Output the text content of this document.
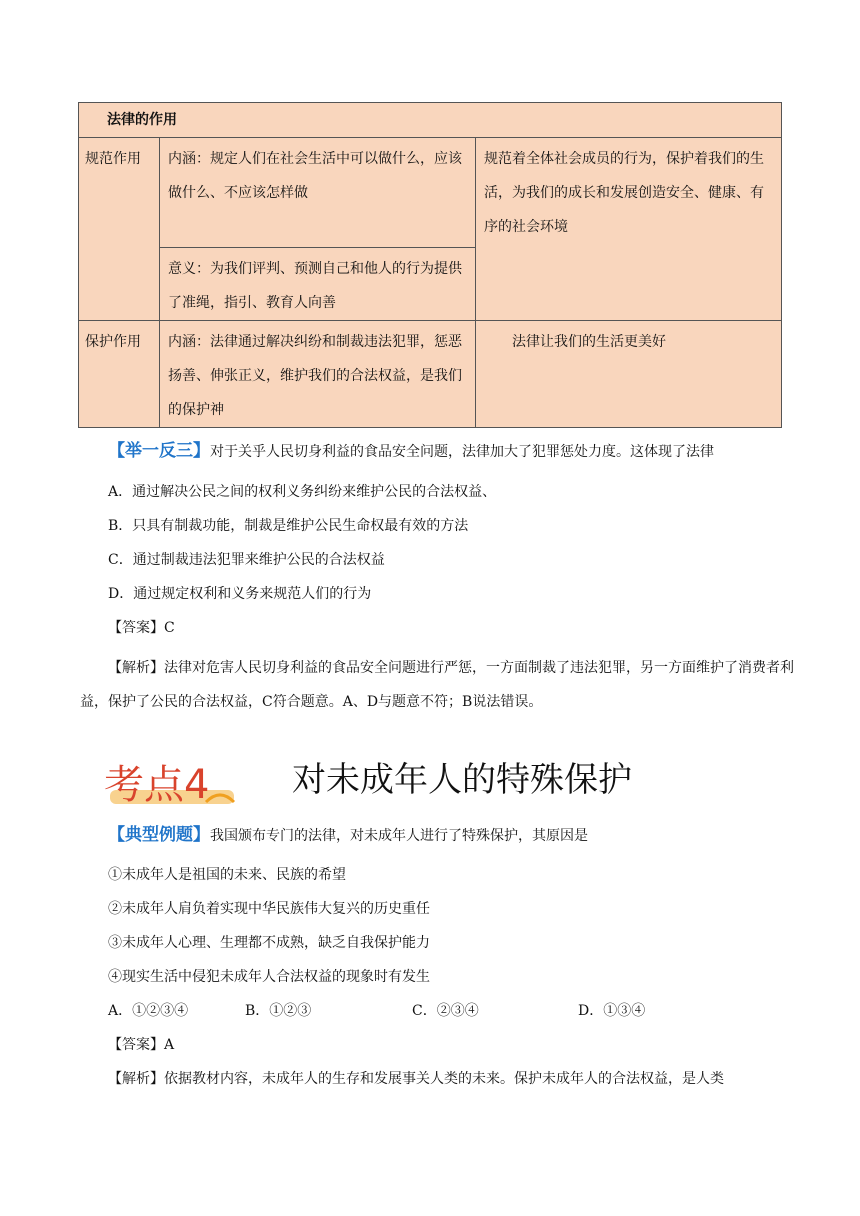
法律的作用		
规范作用	内涵：规定人们在社会生活中可以做什么，应该做什么、不应该怎样做	规范着全体社会成员的行为，保护着我们的生活，为我们的成长和发展创造安全、健康、有序的社会环境
	意义：为我们评判、预测自己和他人的行为提供了准绳，指引、教育人向善	
保护作用	内涵：法律通过解决纠纷和制裁违法犯罪，惩恶扬善、伸张正义，维护我们的合法权益，是我们的保护神	法律让我们的生活更美好
【举一反三】对于关乎人民切身利益的食品安全问题，法律加大了犯罪惩处力度。这体现了法律
A．通过解决公民之间的权利义务纠纷来维护公民的合法权益、
B．只具有制裁功能，制裁是维护公民生命权最有效的方法
C．通过制裁违法犯罪来维护公民的合法权益
D．通过规定权利和义务来规范人们的行为
【答案】C
【解析】法律对危害人民切身利益的食品安全问题进行严惩，一方面制裁了违法犯罪，另一方面维护了消费者利益，保护了公民的合法权益，C符合题意。A、D与题意不符；B说法错误。
考点4 对未成年人的特殊保护
【典型例题】我国颁布专门的法律，对未成年人进行了特殊保护，其原因是
①未成年人是祖国的未来、民族的希望
②未成年人肩负着实现中华民族伟大复兴的历史重任
③未成年人心理、生理都不成熟，缺乏自我保护能力
④现实生活中侵犯未成年人合法权益的现象时有发生
A．①②③④	B．①②③	C．②③④	D．①③④
【答案】A
【解析】依据教材内容，未成年人的生存和发展事关人类的未来。保护未成年人的合法权益，是人类
